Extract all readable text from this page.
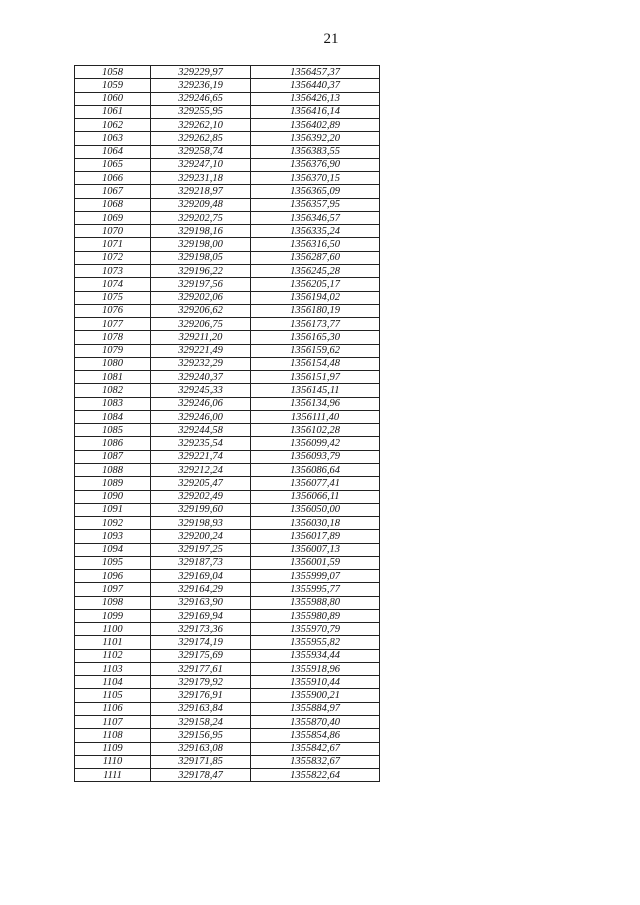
21
1058	329229,97	1356457,37
1059	329236,19	1356440,37
1060	329246,65	1356426,13
1061	329255,95	1356416,14
1062	329262,10	1356402,89
1063	329262,85	1356392,20
1064	329258,74	1356383,55
1065	329247,10	1356376,90
1066	329231,18	1356370,15
1067	329218,97	1356365,09
1068	329209,48	1356357,95
1069	329202,75	1356346,57
1070	329198,16	1356335,24
1071	329198,00	1356316,50
1072	329198,05	1356287,60
1073	329196,22	1356245,28
1074	329197,56	1356205,17
1075	329202,06	1356194,02
1076	329206,62	1356180,19
1077	329206,75	1356173,77
1078	329211,20	1356165,30
1079	329221,49	1356159,62
1080	329232,29	1356154,48
1081	329240,37	1356151,97
1082	329245,33	1356145,11
1083	329246,06	1356134,96
1084	329246,00	1356111,40
1085	329244,58	1356102,28
1086	329235,54	1356099,42
1087	329221,74	1356093,79
1088	329212,24	1356086,64
1089	329205,47	1356077,41
1090	329202,49	1356066,11
1091	329199,60	1356050,00
1092	329198,93	1356030,18
1093	329200,24	1356017,89
1094	329197,25	1356007,13
1095	329187,73	1356001,59
1096	329169,04	1355999,07
1097	329164,29	1355995,77
1098	329163,90	1355988,80
1099	329169,94	1355980,89
1100	329173,36	1355970,79
1101	329174,19	1355955,82
1102	329175,69	1355934,44
1103	329177,61	1355918,96
1104	329179,92	1355910,44
1105	329176,91	1355900,21
1106	329163,84	1355884,97
1107	329158,24	1355870,40
1108	329156,95	1355854,86
1109	329163,08	1355842,67
1110	329171,85	1355832,67
1111	329178,47	1355822,64
